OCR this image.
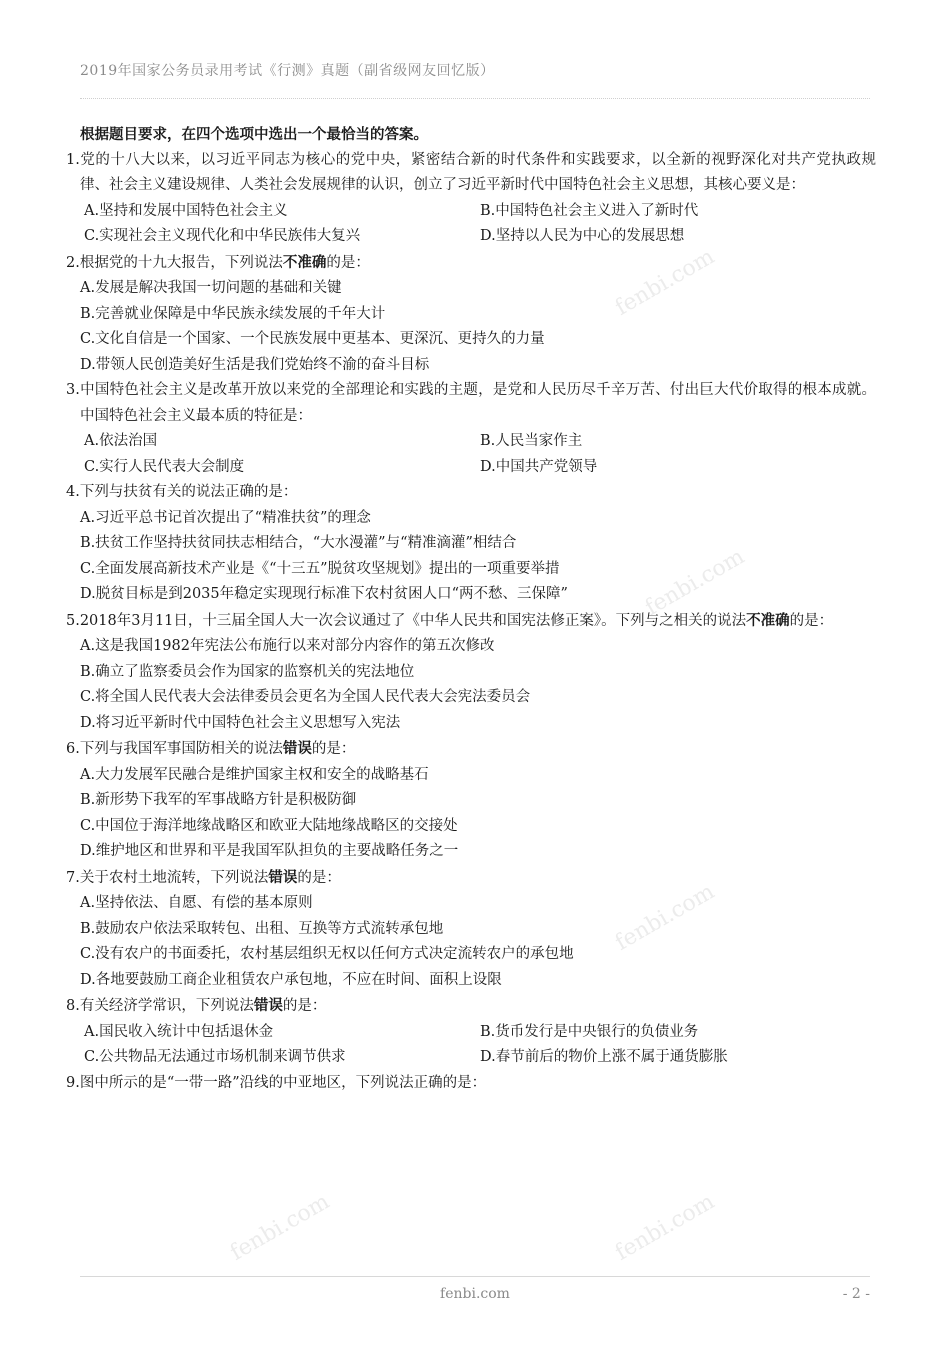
2019年国家公务员录用考试《行测》真题（副省级网友回忆版）
fenbi.com
fenbi.com
fenbi.com
fenbi.com	fenbi.com
根据题目要求，在四个选项中选出一个最恰当的答案。
1.党的十八大以来，以习近平同志为核心的党中央，紧密结合新的时代条件和实践要求，以全新的视野深化对共产党执政规律、社会主义建设规律、人类社会发展规律的认识，创立了习近平新时代中国特色社会主义思想，其核心要义是：
A.坚持和发展中国特色社会主义	B.中国特色社会主义进入了新时代
C.实现社会主义现代化和中华民族伟大复兴	D.坚持以人民为中心的发展思想
2.根据党的十九大报告，下列说法不准确的是：
A.发展是解决我国一切问题的基础和关键
B.完善就业保障是中华民族永续发展的千年大计
C.文化自信是一个国家、一个民族发展中更基本、更深沉、更持久的力量
D.带领人民创造美好生活是我们党始终不渝的奋斗目标
3.中国特色社会主义是改革开放以来党的全部理论和实践的主题，是党和人民历尽千辛万苦、付出巨大代价取得的根本成就。中国特色社会主义最本质的特征是：
A.依法治国	B.人民当家作主
C.实行人民代表大会制度	D.中国共产党领导
4.下列与扶贫有关的说法正确的是：
A.习近平总书记首次提出了“精准扶贫”的理念
B.扶贫工作坚持扶贫同扶志相结合，“大水漫灌”与“精准滴灌”相结合
C.全面发展高新技术产业是《“十三五”脱贫攻坚规划》提出的一项重要举措
D.脱贫目标是到2035年稳定实现现行标准下农村贫困人口“两不愁、三保障”
5.2018年3月11日，十三届全国人大一次会议通过了《中华人民共和国宪法修正案》。下列与之相关的说法不准确的是：
A.这是我国1982年宪法公布施行以来对部分内容作的第五次修改
B.确立了监察委员会作为国家的监察机关的宪法地位
C.将全国人民代表大会法律委员会更名为全国人民代表大会宪法委员会
D.将习近平新时代中国特色社会主义思想写入宪法
6.下列与我国军事国防相关的说法错误的是：
A.大力发展军民融合是维护国家主权和安全的战略基石
B.新形势下我军的军事战略方针是积极防御
C.中国位于海洋地缘战略区和欧亚大陆地缘战略区的交接处
D.维护地区和世界和平是我国军队担负的主要战略任务之一
7.关于农村土地流转，下列说法错误的是：
A.坚持依法、自愿、有偿的基本原则
B.鼓励农户依法采取转包、出租、互换等方式流转承包地
C.没有农户的书面委托，农村基层组织无权以任何方式决定流转农户的承包地
D.各地要鼓励工商企业租赁农户承包地，不应在时间、面积上设限
8.有关经济学常识，下列说法错误的是：
A.国民收入统计中包括退休金	B.货币发行是中央银行的负债业务
C.公共物品无法通过市场机制来调节供求	D.春节前后的物价上涨不属于通货膨胀
9.图中所示的是“一带一路”沿线的中亚地区，下列说法正确的是：
fenbi.com	- 2 -
